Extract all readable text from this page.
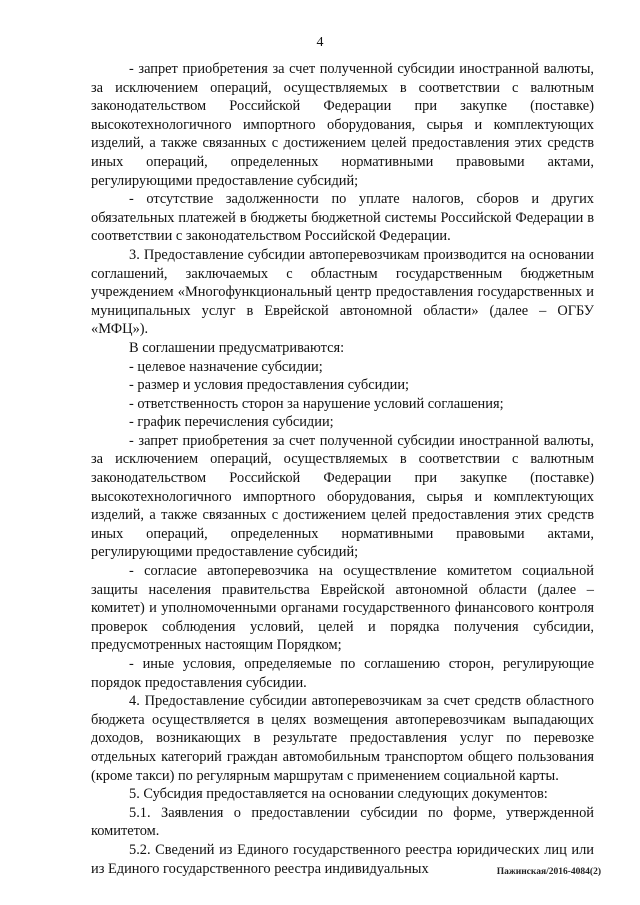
4

- запрет приобретения за счет полученной субсидии иностранной валюты, за исключением операций, осуществляемых в соответствии с валютным законодательством Российской Федерации при закупке (поставке) высокотехнологичного импортного оборудования, сырья и комплектующих изделий, а также связанных с достижением целей предоставления этих средств иных операций, определенных нормативными правовыми актами, регулирующими предоставление субсидий;

- отсутствие задолженности по уплате налогов, сборов и других обязательных платежей в бюджеты бюджетной системы Российской Федерации в соответствии с законодательством Российской Федерации.

3. Предоставление субсидии автоперевозчикам производится на основании соглашений, заключаемых с областным государственным бюджетным учреждением «Многофункциональный центр предоставления государственных и муниципальных услуг в Еврейской автономной области» (далее – ОГБУ «МФЦ»).

В соглашении предусматриваются:

- целевое назначение субсидии;

- размер и условия предоставления субсидии;

- ответственность сторон за нарушение условий соглашения;

- график перечисления субсидии;

- запрет приобретения за счет полученной субсидии иностранной валюты, за исключением операций, осуществляемых в соответствии с валютным законодательством Российской Федерации при закупке (поставке) высокотехнологичного импортного оборудования, сырья и комплектующих изделий, а также связанных с достижением целей предоставления этих средств иных операций, определенных нормативными правовыми актами, регулирующими предоставление субсидий;

- согласие автоперевозчика на осуществление комитетом социальной защиты населения правительства Еврейской автономной области (далее – комитет) и уполномоченными органами государственного финансового контроля проверок соблюдения условий, целей и порядка получения субсидии, предусмотренных настоящим Порядком;

- иные условия, определяемые по соглашению сторон, регулирующие порядок предоставления субсидии.

4. Предоставление субсидии автоперевозчикам за счет средств областного бюджета осуществляется в целях возмещения автоперевозчикам выпадающих доходов, возникающих в результате предоставления услуг по перевозке отдельных категорий граждан автомобильным транспортом общего пользования (кроме такси) по регулярным маршрутам с применением социальной карты.

5. Субсидия предоставляется на основании следующих документов:

5.1. Заявления о предоставлении субсидии по форме, утвержденной комитетом.

5.2. Сведений из Единого государственного реестра юридических лиц или из Единого государственного реестра индивидуальных	Пажинская/2016-4084(2)
